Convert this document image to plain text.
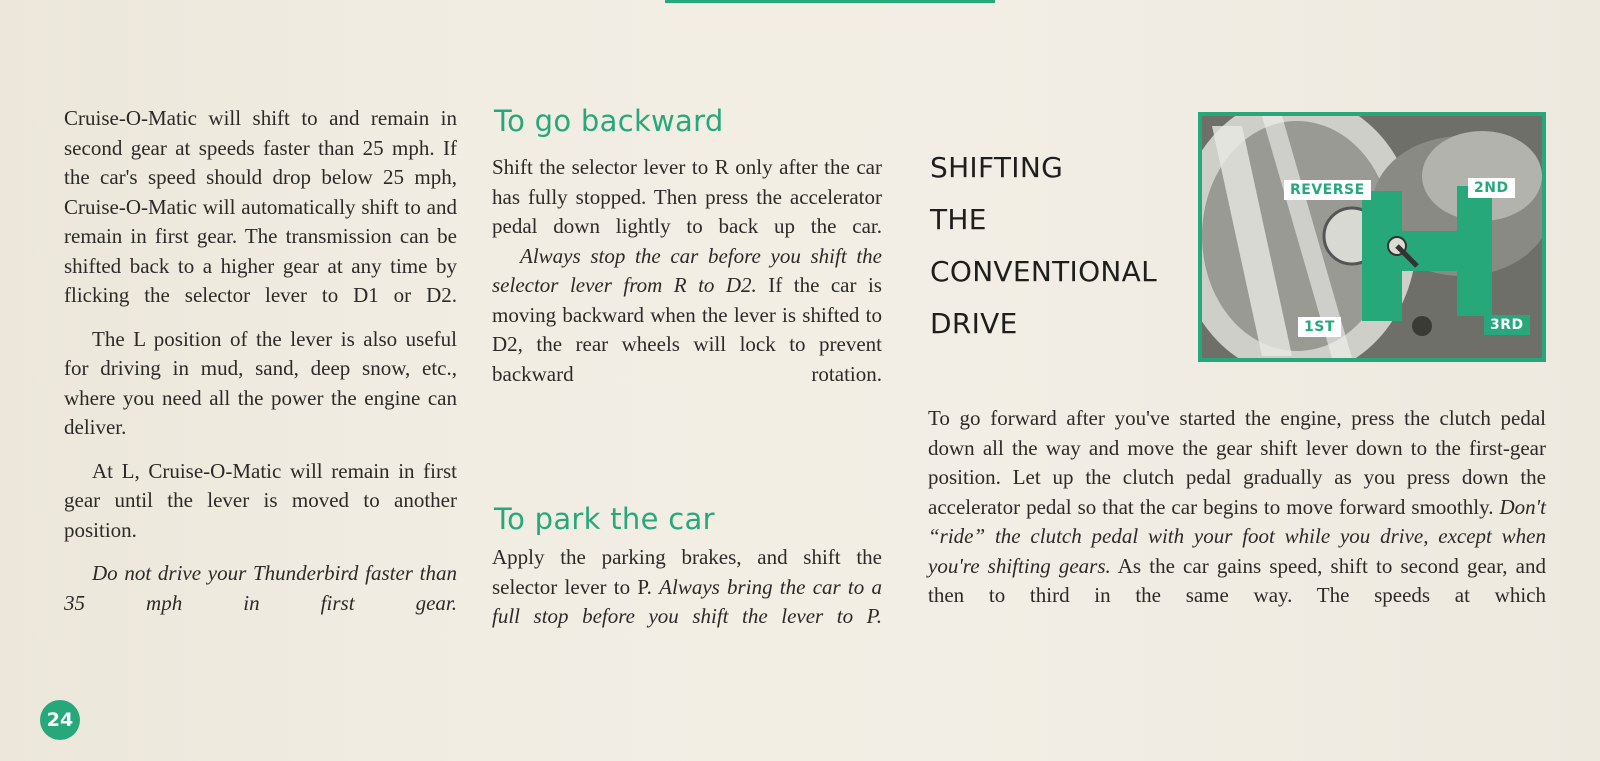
Cruise-O-Matic will shift to and remain in second gear at speeds faster than 25 mph. If the car's speed should drop below 25 mph, Cruise-O-Matic will automatically shift to and remain in first gear. The transmission can be shifted back to a higher gear at any time by flicking the selector lever to D1 or D2.

The L position of the lever is also useful for driving in mud, sand, deep snow, etc., where you need all the power the engine can deliver.

At L, Cruise-O-Matic will remain in first gear until the lever is moved to another position.

Do not drive your Thunderbird faster than 35 mph in first gear.

To go backward

Shift the selector lever to R only after the car has fully stopped. Then press the accelerator pedal down lightly to back up the car.

Always stop the car before you shift the selector lever from R to D2. If the car is moving backward when the lever is shifted to D2, the rear wheels will lock to prevent backward rotation.

To park the car

Apply the parking brakes, and shift the selector lever to P. Always bring the car to a full stop before you shift the lever to P.

SHIFTING
THE
CONVENTIONAL
DRIVE
REVERSE	2ND
1ST	3RD

To go forward after you've started the engine, press the clutch pedal down all the way and move the gear shift lever down to the first-gear position. Let up the clutch pedal gradually as you press down the accelerator pedal so that the car begins to move forward smoothly. Don't “ride” the clutch pedal with your foot while you drive, except when you're shifting gears. As the car gains speed, shift to second gear, and then to third in the same way. The speeds at which

24
